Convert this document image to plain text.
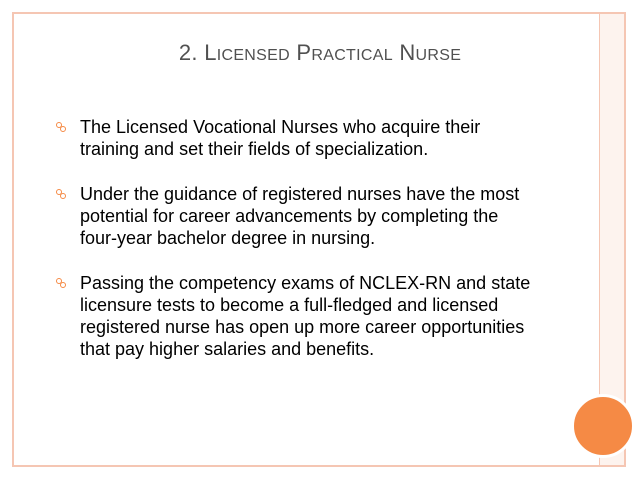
2. LICENSED PRACTICAL NURSE
The Licensed Vocational Nurses who acquire their
training and set their fields of specialization.
Under the guidance of registered nurses have the most
potential for career advancements by completing the
four-year bachelor degree in nursing.
Passing the competency exams of NCLEX-RN and state
licensure tests to become a full-fledged and licensed
registered nurse has open up more career opportunities
that pay higher salaries and benefits.
